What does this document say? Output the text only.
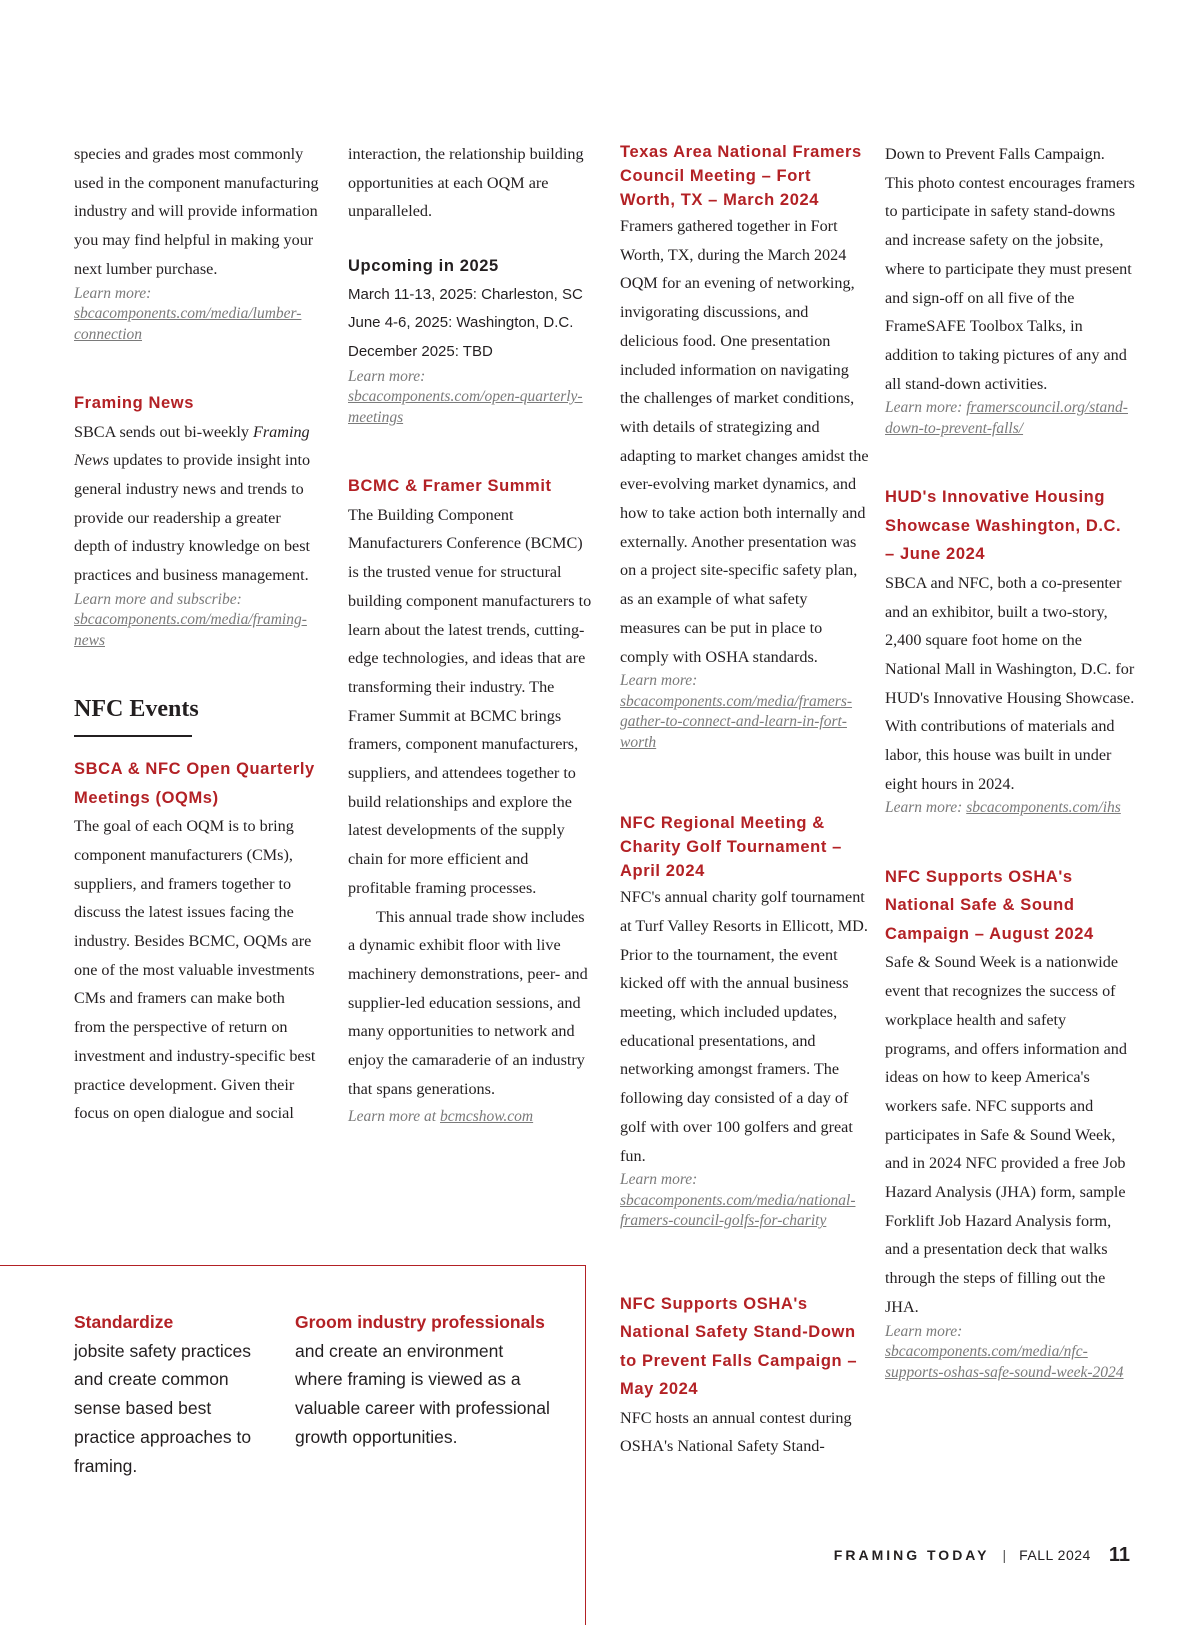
species and grades most commonly used in the component manufacturing industry and will provide information you may find helpful in making your next lumber purchase.

Learn more: sbcacomponents.com/media/lumber-connection

Framing News

SBCA sends out bi-weekly Framing News updates to provide insight into general industry news and trends to provide our readership a greater depth of industry knowledge on best practices and business management.

Learn more and subscribe: sbcacomponents.com/media/framing-news

NFC Events

SBCA & NFC Open Quarterly Meetings (OQMs)

The goal of each OQM is to bring component manufacturers (CMs), suppliers, and framers together to discuss the latest issues facing the industry. Besides BCMC, OQMs are one of the most valuable investments CMs and framers can make both from the perspective of return on investment and industry-specific best practice development. Given their focus on open dialogue and social

interaction, the relationship building opportunities at each OQM are unparalleled.

Upcoming in 2025

March 11-13, 2025: Charleston, SC

June 4-6, 2025: Washington, D.C.

December 2025: TBD

Learn more: sbcacomponents.com/open-quarterly-meetings

BCMC & Framer Summit

The Building Component Manufacturers Conference (BCMC) is the trusted venue for structural building component manufacturers to learn about the latest trends, cutting-edge technologies, and ideas that are transforming their industry. The Framer Summit at BCMC brings framers, component manufacturers, suppliers, and attendees together to build relationships and explore the latest developments of the supply chain for more efficient and profitable framing processes.

This annual trade show includes a dynamic exhibit floor with live machinery demonstrations, peer- and supplier-led education sessions, and many opportunities to network and enjoy the camaraderie of an industry that spans generations.

Learn more at bcmcshow.com

Texas Area National Framers Council Meeting – Fort Worth, TX – March 2024

Framers gathered together in Fort Worth, TX, during the March 2024 OQM for an evening of networking, invigorating discussions, and delicious food. One presentation included information on navigating the challenges of market conditions, with details of strategizing and adapting to market changes amidst the ever-evolving market dynamics, and how to take action both internally and externally. Another presentation was on a project site-specific safety plan, as an example of what safety measures can be put in place to comply with OSHA standards.

Learn more: sbcacomponents.com/media/framers-gather-to-connect-and-learn-in-fort-worth

NFC Regional Meeting & Charity Golf Tournament – April 2024

NFC's annual charity golf tournament at Turf Valley Resorts in Ellicott, MD. Prior to the tournament, the event kicked off with the annual business meeting, which included updates, educational presentations, and networking amongst framers. The following day consisted of a day of golf with over 100 golfers and great fun.

Learn more: sbcacomponents.com/media/national-framers-council-golfs-for-charity

NFC Supports OSHA's National Safety Stand-Down to Prevent Falls Campaign – May 2024

NFC hosts an annual contest during OSHA's National Safety Stand-

Down to Prevent Falls Campaign. This photo contest encourages framers to participate in safety stand-downs and increase safety on the jobsite, where to participate they must present and sign-off on all five of the FrameSAFE Toolbox Talks, in addition to taking pictures of any and all stand-down activities.

Learn more: framerscouncil.org/stand-down-to-prevent-falls/

HUD's Innovative Housing Showcase Washington, D.C. – June 2024

SBCA and NFC, both a co-presenter and an exhibitor, built a two-story, 2,400 square foot home on the National Mall in Washington, D.C. for HUD's Innovative Housing Showcase. With contributions of materials and labor, this house was built in under eight hours in 2024.

Learn more: sbcacomponents.com/ihs

NFC Supports OSHA's National Safe & Sound Campaign – August 2024

Safe & Sound Week is a nationwide event that recognizes the success of workplace health and safety programs, and offers information and ideas on how to keep America's workers safe. NFC supports and participates in Safe & Sound Week, and in 2024 NFC provided a free Job Hazard Analysis (JHA) form, sample Forklift Job Hazard Analysis form, and a presentation deck that walks through the steps of filling out the JHA.

Learn more: sbcacomponents.com/media/nfc-supports-oshas-safe-sound-week-2024

Standardize

jobsite safety practices and create common sense based best practice approaches to framing.

Groom industry professionals

and create an environment where framing is viewed as a valuable career with professional growth opportunities.

FRAMING TODAY | FALL 2024 11
